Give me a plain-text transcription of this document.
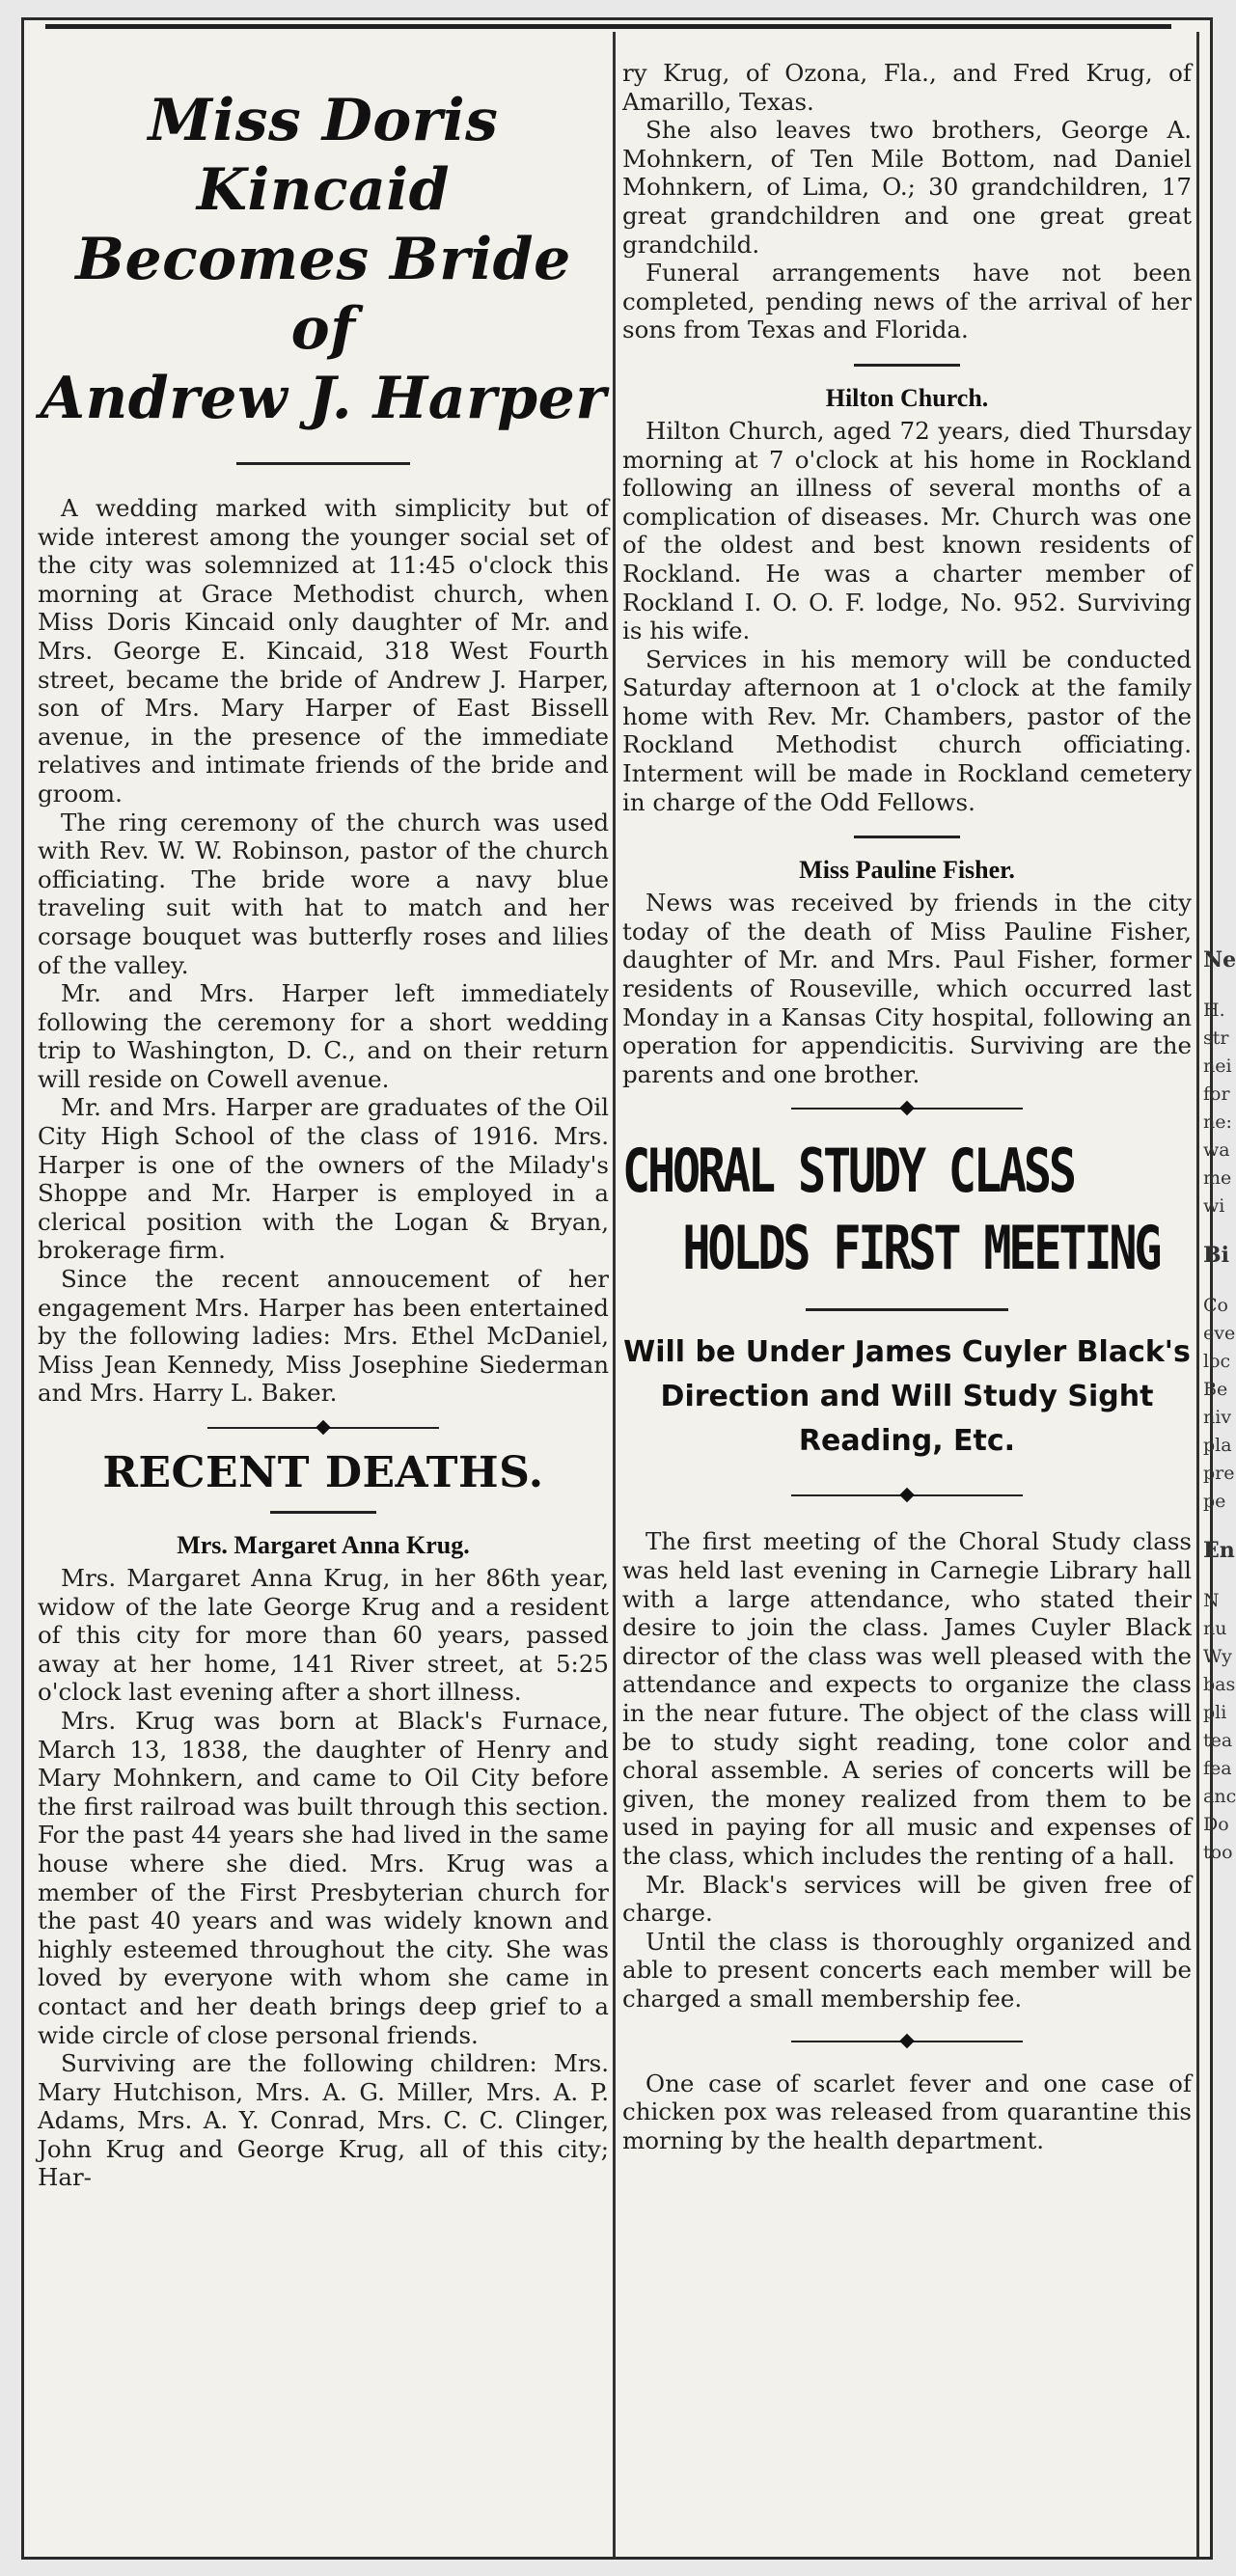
Miss Doris Kincaid
Becomes Bride of
Andrew J. Harper

A wedding marked with simplicity but of wide interest among the younger social set of the city was solemnized at 11:45 o'clock this morning at Grace Methodist church, when Miss Doris Kincaid only daughter of Mr. and Mrs. George E. Kincaid, 318 West Fourth street, became the bride of Andrew J. Harper, son of Mrs. Mary Harper of East Bissell avenue, in the presence of the immediate relatives and intimate friends of the bride and groom.

The ring ceremony of the church was used with Rev. W. W. Robinson, pastor of the church officiating. The bride wore a navy blue traveling suit with hat to match and her corsage bouquet was butterfly roses and lilies of the valley.

Mr. and Mrs. Harper left immediately following the ceremony for a short wedding trip to Washington, D. C., and on their return will reside on Cowell avenue.

Mr. and Mrs. Harper are graduates of the Oil City High School of the class of 1916. Mrs. Harper is one of the owners of the Milady's Shoppe and Mr. Harper is employed in a clerical position with the Logan & Bryan, brokerage firm.

Since the recent annoucement of her engagement Mrs. Harper has been entertained by the following ladies: Mrs. Ethel McDaniel, Miss Jean Kennedy, Miss Josephine Siederman and Mrs. Harry L. Baker.

RECENT DEATHS.
Mrs. Margaret Anna Krug.

Mrs. Margaret Anna Krug, in her 86th year, widow of the late George Krug and a resident of this city for more than 60 years, passed away at her home, 141 River street, at 5:25 o'clock last evening after a short illness.

Mrs. Krug was born at Black's Furnace, March 13, 1838, the daughter of Henry and Mary Mohnkern, and came to Oil City before the first railroad was built through this section. For the past 44 years she had lived in the same house where she died. Mrs. Krug was a member of the First Presbyterian church for the past 40 years and was widely known and highly esteemed throughout the city. She was loved by everyone with whom she came in contact and her death brings deep grief to a wide circle of close personal friends.

Surviving are the following children: Mrs. Mary Hutchison, Mrs. A. G. Miller, Mrs. A. P. Adams, Mrs. A. Y. Conrad, Mrs. C. C. Clinger, John Krug and George Krug, all of this city; Har-

ry Krug, of Ozona, Fla., and Fred Krug, of Amarillo, Texas.

She also leaves two brothers, George A. Mohnkern, of Ten Mile Bottom, nad Daniel Mohnkern, of Lima, O.; 30 grandchildren, 17 great grandchildren and one great great grandchild.

Funeral arrangements have not been completed, pending news of the arrival of her sons from Texas and Florida.

Hilton Church.

Hilton Church, aged 72 years, died Thursday morning at 7 o'clock at his home in Rockland following an illness of several months of a complication of diseases. Mr. Church was one of the oldest and best known residents of Rockland. He was a charter member of Rockland I. O. O. F. lodge, No. 952. Surviving is his wife.

Services in his memory will be conducted Saturday afternoon at 1 o'clock at the family home with Rev. Mr. Chambers, pastor of the Rockland Methodist church officiating. Interment will be made in Rockland cemetery in charge of the Odd Fellows.

Miss Pauline Fisher.

News was received by friends in the city today of the death of Miss Pauline Fisher, daughter of Mr. and Mrs. Paul Fisher, former residents of Rouseville, which occurred last Monday in a Kansas City hospital, following an operation for appendicitis. Surviving are the parents and one brother.

CHORAL STUDY CLASS
HOLDS FIRST MEETING
Will be Under James Cuyler Black's Direction and Will Study Sight Reading, Etc.

The first meeting of the Choral Study class was held last evening in Carnegie Library hall with a large attendance, who stated their desire to join the class. James Cuyler Black director of the class was well pleased with the attendance and expects to organize the class in the near future. The object of the class will be to study sight reading, tone color and choral assemble. A series of concerts will be given, the money realized from them to be used in paying for all music and expenses of the class, which includes the renting of a hall.

Mr. Black's services will be given free of charge.

Until the class is thoroughly organized and able to present concerts each member will be charged a small membership fee.

One case of scarlet fever and one case of chicken pox was released from quarantine this morning by the health department.

Ne

H.

str

nei

for

ne:

wa

me

wi

Bi

Co

eve

loc

Be

niv

pla

pre

pe

En

N

nu

Wy

bas

pli

tea

fea

anc

Do

too
